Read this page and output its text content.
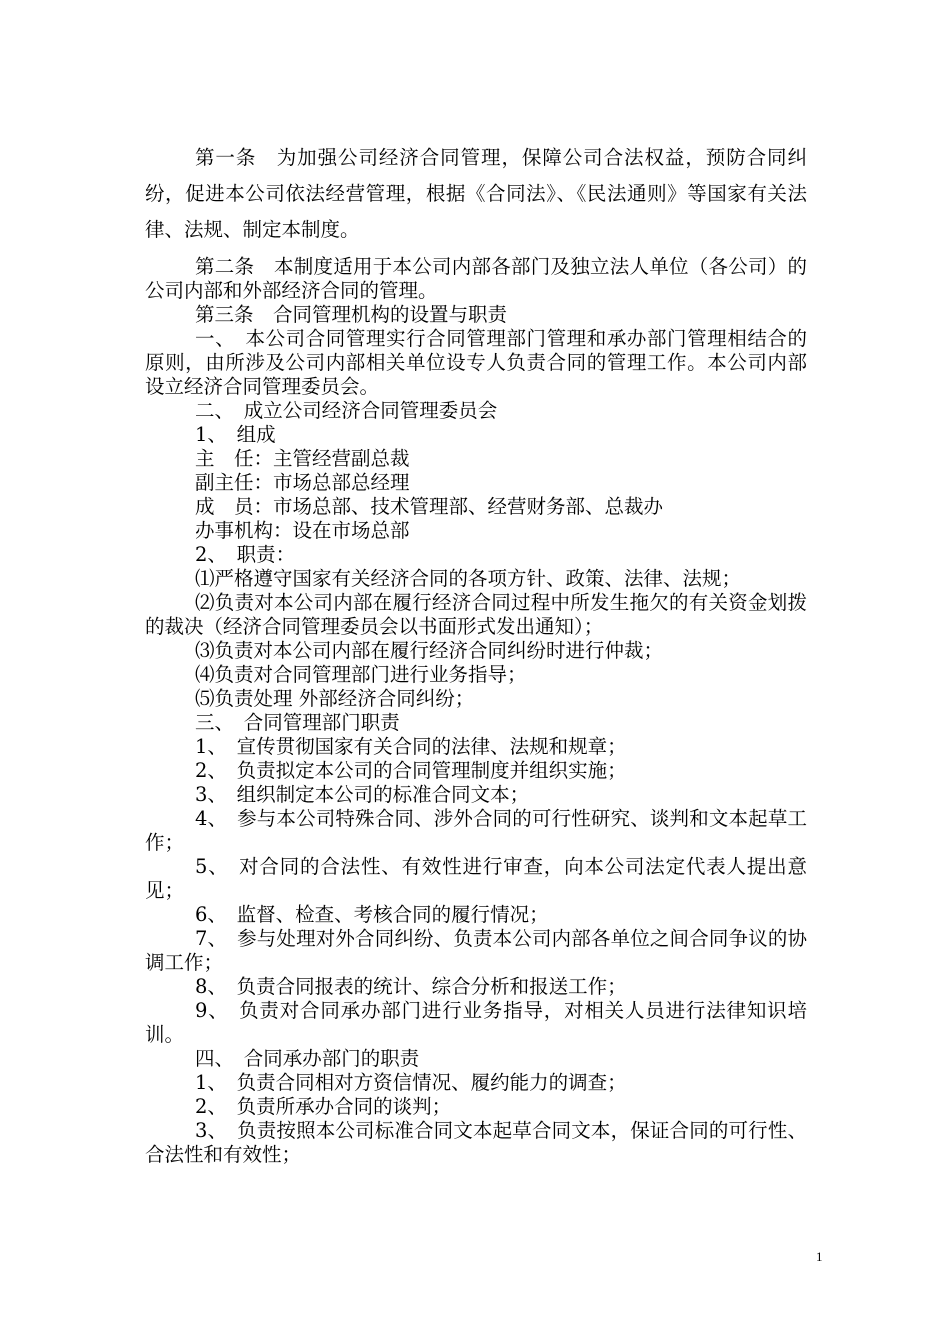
第一条　为加强公司经济合同管理，保障公司合法权益，预防合同纠纷，促进本公司依法经营管理，根据《合同法》、《民法通则》等国家有关法律、法规、制定本制度。

第二条　本制度适用于本公司内部各部门及独立法人单位（各公司）的公司内部和外部经济合同的管理。

第三条　合同管理机构的设置与职责

一、　本公司合同管理实行合同管理部门管理和承办部门管理相结合的原则，由所涉及公司内部相关单位设专人负责合同的管理工作。本公司内部设立经济合同管理委员会。

二、　成立公司经济合同管理委员会

1、　组成

主　任：主管经营副总裁

副主任：市场总部总经理

成　员：市场总部、技术管理部、经营财务部、总裁办

办事机构：设在市场总部

2、　职责：

⑴严格遵守国家有关经济合同的各项方针、政策、法律、法规；

⑵负责对本公司内部在履行经济合同过程中所发生拖欠的有关资金划拨的裁决（经济合同管理委员会以书面形式发出通知）；

⑶负责对本公司内部在履行经济合同纠纷时进行仲裁；

⑷负责对合同管理部门进行业务指导；

⑸负责处理 外部经济合同纠纷；

三、　合同管理部门职责

1、　宣传贯彻国家有关合同的法律、法规和规章；

2、　负责拟定本公司的合同管理制度并组织实施；

3、　组织制定本公司的标准合同文本；

4、　参与本公司特殊合同、涉外合同的可行性研究、谈判和文本起草工作；

5、　对合同的合法性、有效性进行审查，向本公司法定代表人提出意见；

6、　监督、检查、考核合同的履行情况；

7、　参与处理对外合同纠纷、负责本公司内部各单位之间合同争议的协调工作；

8、　负责合同报表的统计、综合分析和报送工作；

9、　负责对合同承办部门进行业务指导，对相关人员进行法律知识培训。

四、　合同承办部门的职责

1、　负责合同相对方资信情况、履约能力的调查；

2、　负责所承办合同的谈判；

3、　负责按照本公司标准合同文本起草合同文本，保证合同的可行性、合法性和有效性；

1
